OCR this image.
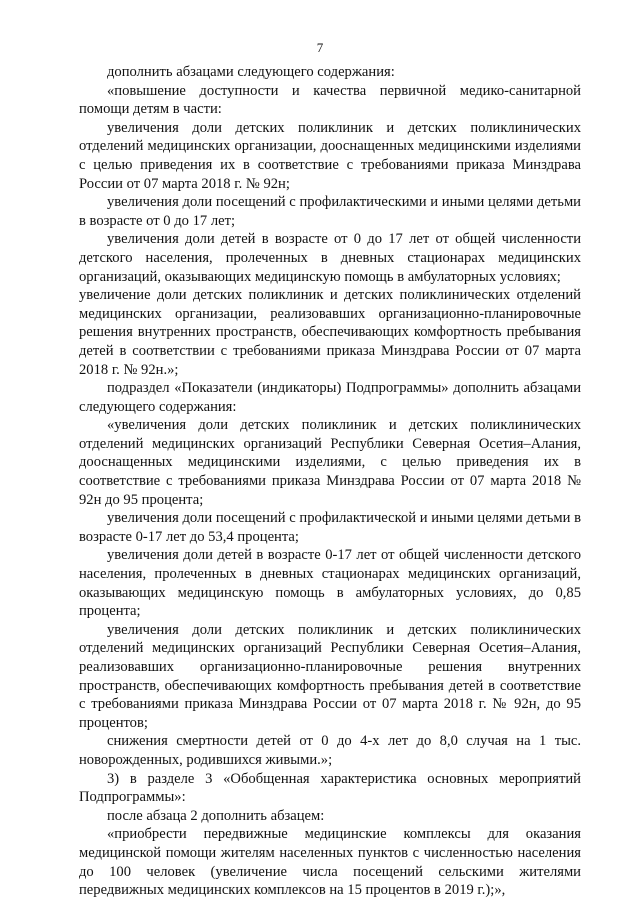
7

дополнить абзацами следующего содержания:

«повышение доступности и качества первичной медико-санитарной помощи детям в части:

увеличения доли детских поликлиник и детских поликлинических отделений медицинских организации, дооснащенных медицинскими изделиями с целью приведения их в соответствие с требованиями приказа Минздрава России от 07 марта 2018 г. № 92н;

увеличения доли посещений с профилактическими и иными целями детьми в возрасте от 0 до 17 лет;

увеличения доли детей в возрасте от 0 до 17 лет от общей численности детского населения, пролеченных в дневных стационарах медицинских организаций, оказывающих медицинскую помощь в амбулаторных условиях;

увеличение доли детских поликлиник и детских поликлинических отделений медицинских организации, реализовавших организационно-планировочные решения внутренних пространств, обеспечивающих комфортность пребывания детей в соответствии с требованиями приказа Минздрава России от 07 марта 2018 г. № 92н.»;

подраздел «Показатели (индикаторы) Подпрограммы» дополнить абзацами следующего содержания:

«увеличения доли детских поликлиник и детских поликлинических отделений медицинских организаций Республики Северная Осетия–Алания, дооснащенных медицинскими изделиями, с целью приведения их в соответствие с требованиями приказа Минздрава России от 07 марта 2018 № 92н до 95 процента;

увеличения доли посещений с профилактической и иными целями детьми в возрасте 0-17 лет до 53,4 процента;

увеличения доли детей в возрасте 0-17 лет от общей численности детского населения, пролеченных в дневных стационарах медицинских организаций, оказывающих медицинскую помощь в амбулаторных условиях, до 0,85 процента;

увеличения доли детских поликлиник и детских поликлинических отделений медицинских организаций Республики Северная Осетия–Алания, реализовавших организационно-планировочные решения внутренних пространств, обеспечивающих комфортность пребывания детей в соответствие с требованиями приказа Минздрава России от 07 марта 2018 г. № 92н, до 95 процентов;

снижения смертности детей от 0 до 4-х лет до 8,0 случая на 1 тыс. новорожденных, родившихся живыми.»;

3) в разделе 3 «Обобщенная характеристика основных мероприятий Подпрограммы»:

после абзаца 2 дополнить абзацем:

«приобрести передвижные медицинские комплексы для оказания медицинской помощи жителям населенных пунктов с численностью населения до 100 человек (увеличение числа посещений сельскими жителями передвижных медицинских комплексов на 15 процентов в 2019 г.);»,
